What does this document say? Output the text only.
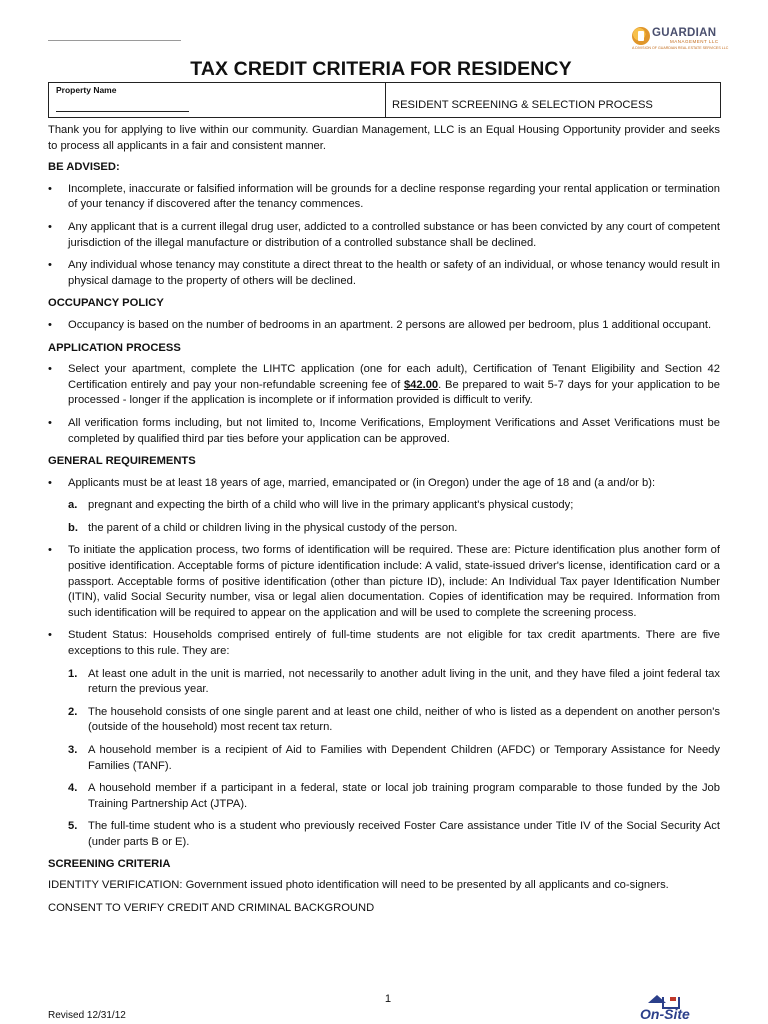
GUARDIAN
MANAGEMENT LLC
A DIVISION OF GUARDIAN REAL ESTATE SERVICES LLC
TAX CREDIT CRITERIA FOR RESIDENCY
Property Name
RESIDENT SCREENING & SELECTION PROCESS

Thank you for applying to live within our community. Guardian Management, LLC is an Equal Housing Opportunity provider and seeks to process all applicants in a fair and consistent manner.

BE ADVISED:

• Incomplete, inaccurate or falsified information will be grounds for a decline response regarding your rental application or termination of your tenancy if discovered after the tenancy commences.

• Any applicant that is a current illegal drug user, addicted to a controlled substance or has been convicted by any court of competent jurisdiction of the illegal manufacture or distribution of a controlled substance shall be declined.

• Any individual whose tenancy may constitute a direct threat to the health or safety of an individual, or whose tenancy would result in physical damage to the property of others will be declined.

OCCUPANCY POLICY

• Occupancy is based on the number of bedrooms in an apartment. 2 persons are allowed per bedroom, plus 1 additional occupant.

APPLICATION PROCESS

• Select your apartment, complete the LIHTC application (one for each adult), Certification of Tenant Eligibility and Section 42 Certification entirely and pay your non-refundable screening fee of $42.00. Be prepared to wait 5-7 days for your application to be processed - longer if the application is incomplete or if information provided is difficult to verify.

• All verification forms including, but not limited to, Income Verifications, Employment Verifications and Asset Verifications must be completed by qualified third par ties before your application can be approved.

GENERAL REQUIREMENTS

• Applicants must be at least 18 years of age, married, emancipated or (in Oregon) under the age of 18 and (a and/or b):

a. pregnant and expecting the birth of a child who will live in the primary applicant's physical custody;

b. the parent of a child or children living in the physical custody of the person.

• To initiate the application process, two forms of identification will be required. These are: Picture identification plus another form of positive identification. Acceptable forms of picture identification include: A valid, state-issued driver's license, identification card or a passport. Acceptable forms of positive identification (other than picture ID), include: An Individual Tax payer Identification Number (ITIN), valid Social Security number, visa or legal alien documentation. Copies of identification may be required. Information from such identification will be required to appear on the application and will be used to complete the screening process.

• Student Status: Households comprised entirely of full-time students are not eligible for tax credit apartments. There are five exceptions to this rule. They are:

1. At least one adult in the unit is married, not necessarily to another adult living in the unit, and they have filed a joint federal tax return the previous year.

2. The household consists of one single parent and at least one child, neither of who is listed as a dependent on another person's (outside of the household) most recent tax return.

3. A household member is a recipient of Aid to Families with Dependent Children (AFDC) or Temporary Assistance for Needy Families (TANF).

4. A household member if a participant in a federal, state or local job training program comparable to those funded by the Job Training Partnership Act (JTPA).

5. The full-time student who is a student who previously received Foster Care assistance under Title IV of the Social Security Act (under parts B or E).

SCREENING CRITERIA

IDENTITY VERIFICATION: Government issued photo identification will need to be presented by all applicants and co-signers.

CONSENT TO VERIFY CREDIT AND CRIMINAL BACKGROUND

1
Revised 12/31/12	On-Site
